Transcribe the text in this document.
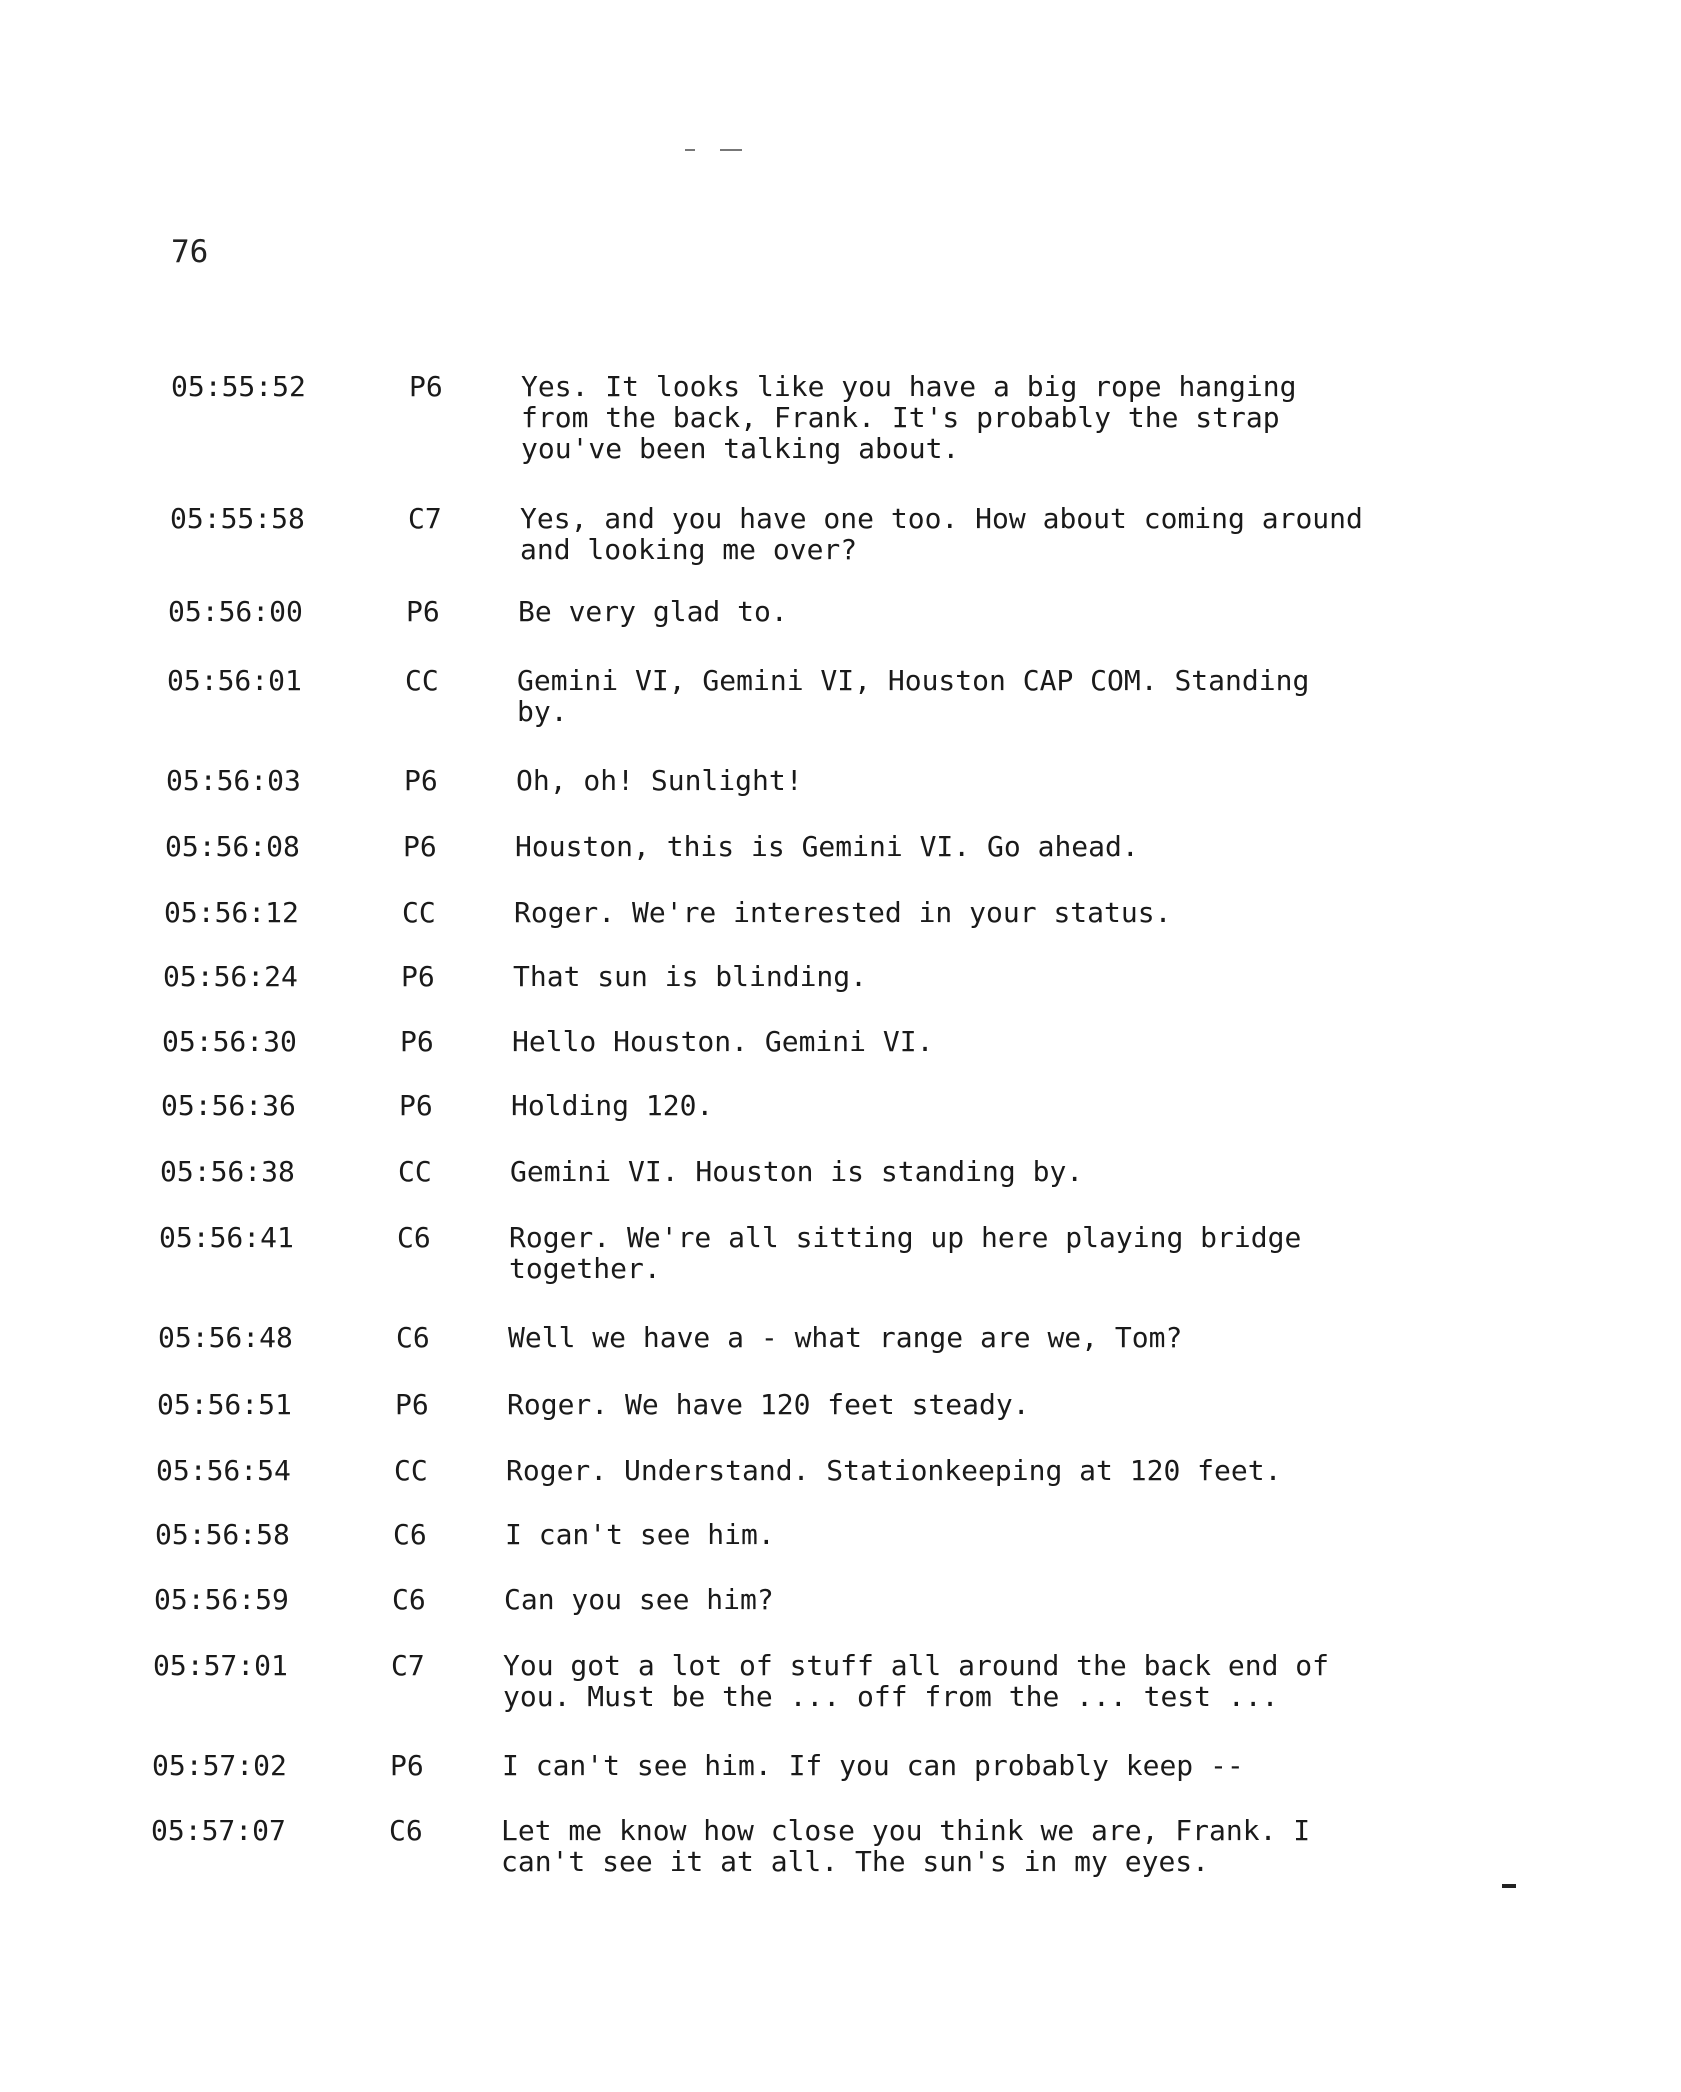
76
05:55:52	P6	Yes. It looks like you have a big rope hanging
from the back, Frank. It's probably the strap
you've been talking about.
05:55:58	C7	Yes, and you have one too. How about coming around
and looking me over?
05:56:00	P6	Be very glad to.
05:56:01	CC	Gemini VI, Gemini VI, Houston CAP COM. Standing
by.
05:56:03	P6	Oh, oh! Sunlight!
05:56:08	P6	Houston, this is Gemini VI. Go ahead.
05:56:12	CC	Roger. We're interested in your status.
05:56:24	P6	That sun is blinding.
05:56:30	P6	Hello Houston. Gemini VI.
05:56:36	P6	Holding 120.
05:56:38	CC	Gemini VI. Houston is standing by.
05:56:41	C6	Roger. We're all sitting up here playing bridge
together.
05:56:48	C6	Well we have a - what range are we, Tom?
05:56:51	P6	Roger. We have 120 feet steady.
05:56:54	CC	Roger. Understand. Stationkeeping at 120 feet.
05:56:58	C6	I can't see him.
05:56:59	C6	Can you see him?
05:57:01	C7	You got a lot of stuff all around the back end of
you. Must be the ... off from the ... test ...
05:57:02	P6	I can't see him. If you can probably keep --
05:57:07	C6	Let me know how close you think we are, Frank. I
can't see it at all. The sun's in my eyes.
